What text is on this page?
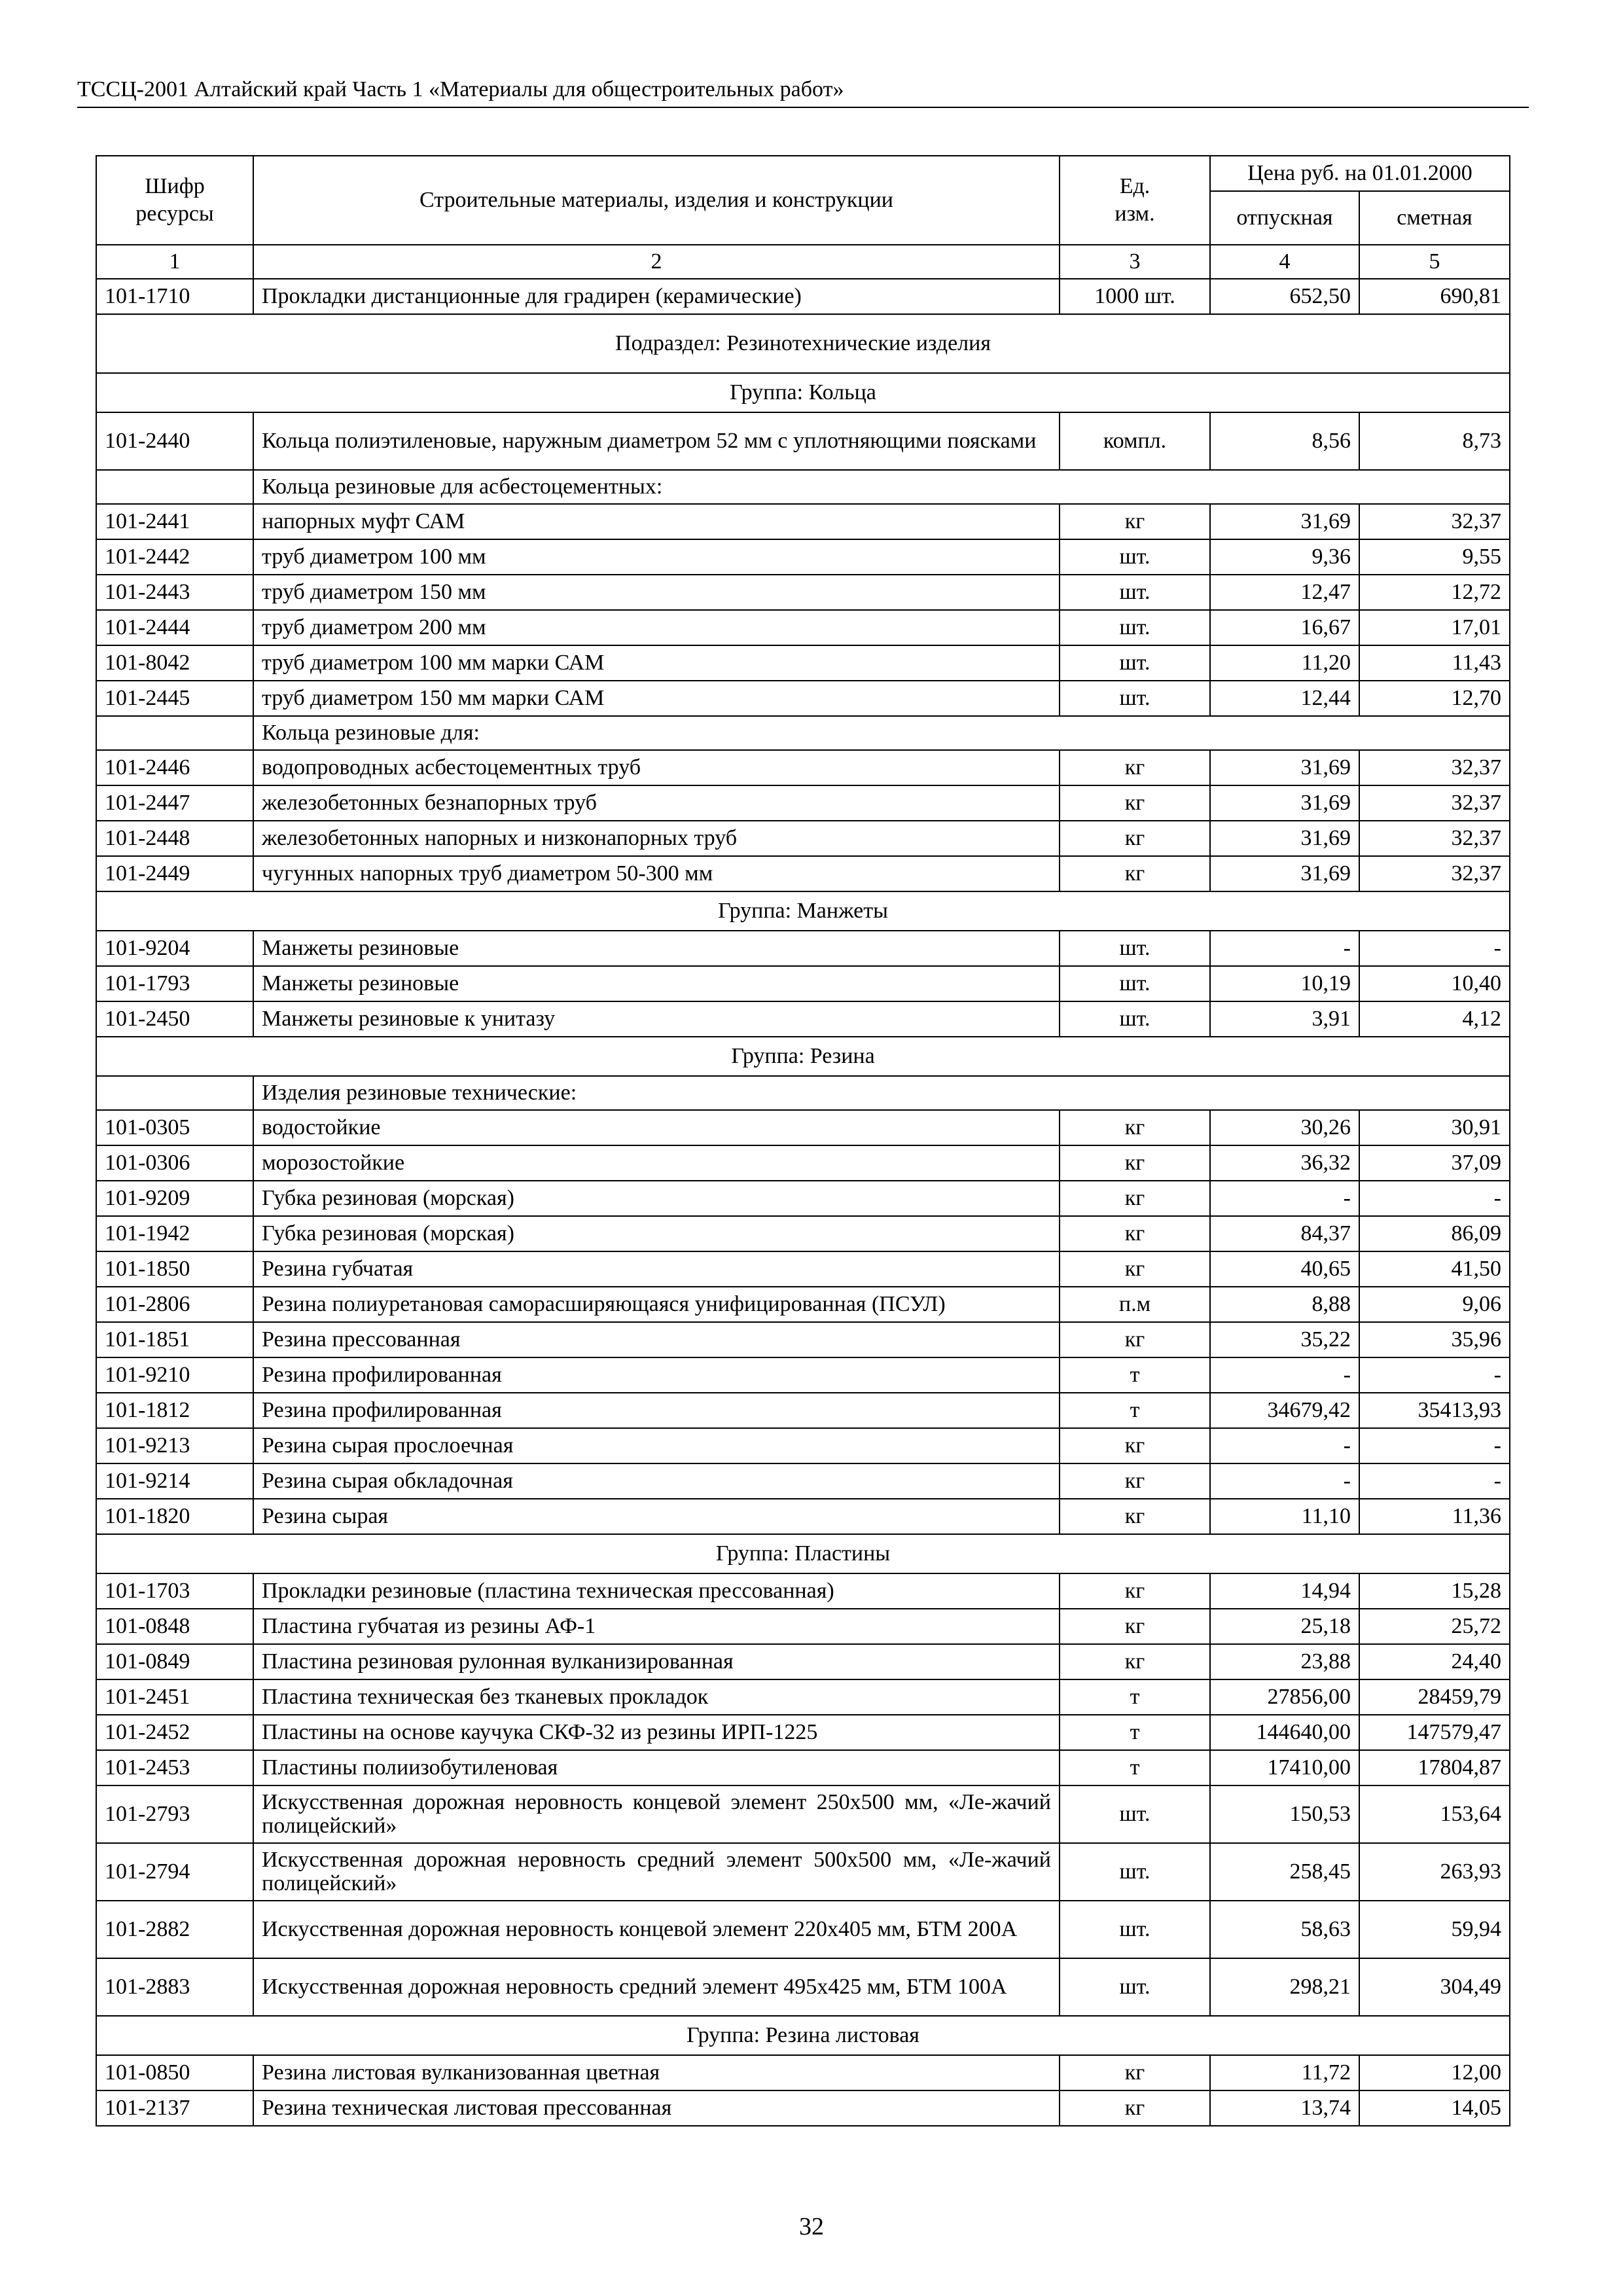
ТССЦ-2001 Алтайский край Часть 1 «Материалы для общестроительных работ»
Шифр ресурсы	Строительные материалы, изделия и конструкции	Ед. изм.	Цена руб. на 01.01.2000	
			отпускная	сметная
1	2	3	4	5
101-1710	Прокладки дистанционные для градирен (керамические)	1000 шт.	652,50	690,81
Подраздел: Резинотехнические изделия				
Группа: Кольца				
101-2440	Кольца полиэтиленовые, наружным диаметром 52 мм с уплотняющими поясками	компл.	8,56	8,73
	Кольца резиновые для асбестоцементных:			
101-2441	напорных муфт САМ	кг	31,69	32,37
101-2442	труб диаметром 100 мм	шт.	9,36	9,55
101-2443	труб диаметром 150 мм	шт.	12,47	12,72
101-2444	труб диаметром 200 мм	шт.	16,67	17,01
101-8042	труб диаметром 100 мм марки САМ	шт.	11,20	11,43
101-2445	труб диаметром 150 мм марки САМ	шт.	12,44	12,70
	Кольца резиновые для:			
101-2446	водопроводных асбестоцементных труб	кг	31,69	32,37
101-2447	железобетонных безнапорных труб	кг	31,69	32,37
101-2448	железобетонных напорных и низконапорных труб	кг	31,69	32,37
101-2449	чугунных напорных труб диаметром 50-300 мм	кг	31,69	32,37
Группа: Манжеты				
101-9204	Манжеты резиновые	шт.	-	-
101-1793	Манжеты резиновые	шт.	10,19	10,40
101-2450	Манжеты резиновые к унитазу	шт.	3,91	4,12
Группа: Резина				
	Изделия резиновые технические:			
101-0305	водостойкие	кг	30,26	30,91
101-0306	морозостойкие	кг	36,32	37,09
101-9209	Губка резиновая (морская)	кг	-	-
101-1942	Губка резиновая (морская)	кг	84,37	86,09
101-1850	Резина губчатая	кг	40,65	41,50
101-2806	Резина полиуретановая саморасширяющаяся унифицированная (ПСУЛ)	п.м	8,88	9,06
101-1851	Резина прессованная	кг	35,22	35,96
101-9210	Резина профилированная	т	-	-
101-1812	Резина профилированная	т	34679,42	35413,93
101-9213	Резина сырая прослоечная	кг	-	-
101-9214	Резина сырая обкладочная	кг	-	-
101-1820	Резина сырая	кг	11,10	11,36
Группа: Пластины				
101-1703	Прокладки резиновые (пластина техническая прессованная)	кг	14,94	15,28
101-0848	Пластина губчатая из резины АФ-1	кг	25,18	25,72
101-0849	Пластина резиновая рулонная вулканизированная	кг	23,88	24,40
101-2451	Пластина техническая без тканевых прокладок	т	27856,00	28459,79
101-2452	Пластины на основе каучука СКФ-32 из резины ИРП-1225	т	144640,00	147579,47
101-2453	Пластины полиизобутиленовая	т	17410,00	17804,87
101-2793	Искусственная дорожная неровность концевой элемент 250x500 мм, «Ле-жачий полицейский»	шт.	150,53	153,64
101-2794	Искусственная дорожная неровность средний элемент 500x500 мм, «Ле-жачий полицейский»	шт.	258,45	263,93
101-2882	Искусственная дорожная неровность концевой элемент 220x405 мм, БТМ 200А	шт.	58,63	59,94
101-2883	Искусственная дорожная неровность средний элемент 495x425 мм, БТМ 100А	шт.	298,21	304,49
Группа: Резина листовая				
101-0850	Резина листовая вулканизованная цветная	кг	11,72	12,00
101-2137	Резина техническая листовая прессованная	кг	13,74	14,05
32
